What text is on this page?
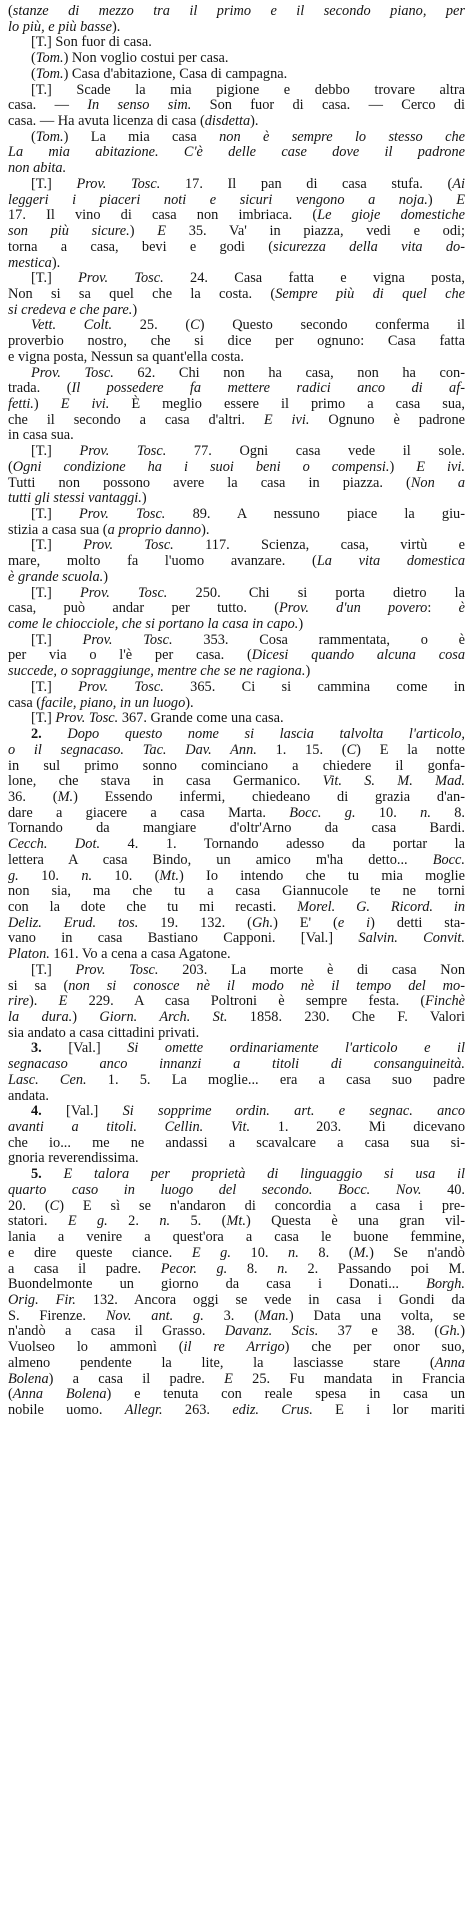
(stanze di mezzo tra il primo e il secondo piano, per
lo più, e più basse).
[T.] Son fuor di casa.
(Tom.) Non voglio costui per casa.
(Tom.) Casa d'abitazione, Casa di campagna.
[T.] Scade la mia pigione e debbo trovare altra
casa. — In senso sim. Son fuor di casa. — Cerco di
casa. — Ha avuta licenza di casa (disdetta).
(Tom.) La mia casa non è sempre lo stesso che
La mia abitazione. C'è delle case dove il padrone
non abita.
[T.] Prov. Tosc. 17. Il pan di casa stufa. (Ai
leggeri i piaceri noti e sicuri vengono a noja.) E
17. Il vino di casa non imbriaca. (Le gioje domestiche
son più sicure.) E 35. Va' in piazza, vedi e odi;
torna a casa, bevi e godi (sicurezza della vita do-
mestica).
[T.] Prov. Tosc. 24. Casa fatta e vigna posta,
Non si sa quel che la costa. (Sempre più di quel che
si credeva e che pare.)
Vett. Colt. 25. (C) Questo secondo conferma il
proverbio nostro, che si dice per ognuno: Casa fatta
e vigna posta, Nessun sa quant'ella costa.
Prov. Tosc. 62. Chi non ha casa, non ha con-
trada. (Il possedere fa mettere radici anco di af-
fetti.) E ivi. È meglio essere il primo a casa sua,
che il secondo a casa d'altri. E ivi. Ognuno è padrone
in casa sua.
[T.] Prov. Tosc. 77. Ogni casa vede il sole.
(Ogni condizione ha i suoi beni o compensi.) E ivi.
Tutti non possono avere la casa in piazza. (Non a
tutti gli stessi vantaggi.)
[T.] Prov. Tosc. 89. A nessuno piace la giu-
stizia a casa sua (a proprio danno).
[T.] Prov. Tosc. 117. Scienza, casa, virtù e
mare, molto fa l'uomo avanzare. (La vita domestica
è grande scuola.)
[T.] Prov. Tosc. 250. Chi si porta dietro la
casa, può andar per tutto. (Prov. d'un povero: è
come le chiocciole, che si portano la casa in capo.)
[T.] Prov. Tosc. 353. Cosa rammentata, o è
per via o l'è per casa. (Dicesi quando alcuna cosa
succede, o sopraggiunge, mentre che se ne ragiona.)
[T.] Prov. Tosc. 365. Ci si cammina come in
casa (facile, piano, in un luogo).
[T.] Prov. Tosc. 367. Grande come una casa.
2. Dopo questo nome si lascia talvolta l'articolo,
o il segnacaso. Tac. Dav. Ann. 1. 15. (C) E la notte
in sul primo sonno cominciano a chiedere il gonfa-
lone, che stava in casa Germanico. Vit. S. M. Mad.
36. (M.) Essendo infermi, chiedeano di grazia d'an-
dare a giacere a casa Marta. Bocc. g. 10. n. 8.
Tornando da mangiare d'oltr'Arno da casa Bardi.
Cecch. Dot. 4. 1. Tornando adesso da portar la
lettera A casa Bindo, un amico m'ha detto... Bocc.
g. 10. n. 10. (Mt.) Io intendo che tu mia moglie
non sia, ma che tu a casa Giannucole te ne torni
con la dote che tu mi recasti. Morel. G. Ricord. in
Deliz. Erud. tos. 19. 132. (Gh.) E' (e i) detti sta-
vano in casa Bastiano Capponi. [Val.] Salvin. Convit.
Platon. 161. Vo a cena a casa Agatone.
[T.] Prov. Tosc. 203. La morte è di casa Non
si sa (non si conosce nè il modo nè il tempo del mo-
rire). E 229. A casa Poltroni è sempre festa. (Finchè
la dura.) Giorn. Arch. St. 1858. 230. Che F. Valori
sia andato a casa cittadini privati.
3. [Val.] Si omette ordinariamente l'articolo e il
segnacaso anco innanzi a titoli di consanguineità.
Lasc. Cen. 1. 5. La moglie... era a casa suo padre
andata.
4. [Val.] Si sopprime ordin. art. e segnac. anco
avanti a titoli. Cellin. Vit. 1. 203. Mi dicevano
che io... me ne andassi a scavalcare a casa sua si-
gnoria reverendissima.
5. E talora per proprietà di linguaggio si usa il
quarto caso in luogo del secondo. Bocc. Nov. 40.
20. (C) E sì se n'andaron di concordia a casa i pre-
statori. E g. 2. n. 5. (Mt.) Questa è una gran vil-
lania a venire a quest'ora a casa le buone femmine,
e dire queste ciance. E g. 10. n. 8. (M.) Se n'andò
a casa il padre. Pecor. g. 8. n. 2. Passando poi M.
Buondelmonte un giorno da casa i Donati... Borgh.
Orig. Fir. 132. Ancora oggi se vede in casa i Gondi da
S. Firenze. Nov. ant. g. 3. (Man.) Data una volta, se
n'andò a casa il Grasso. Davanz. Scis. 37 e 38. (Gh.)
Vuolseo lo ammonì (il re Arrigo) che per onor suo,
almeno pendente la lite, la lasciasse stare (Anna
Bolena) a casa il padre. E 25. Fu mandata in Francia
(Anna Bolena) e tenuta con reale spesa in casa un
nobile uomo. Allegr. 263. ediz. Crus. E i lor mariti
